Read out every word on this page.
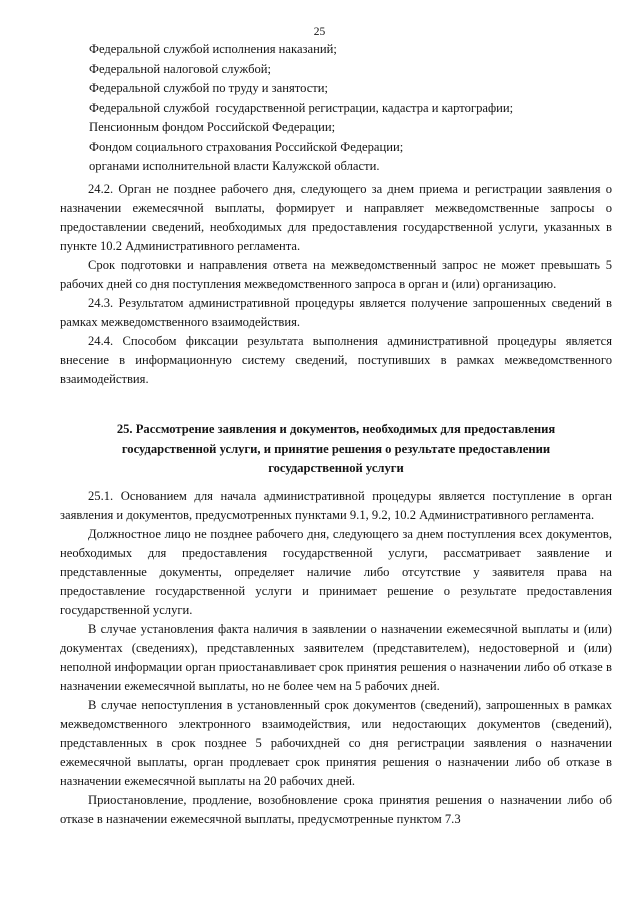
25
Федеральной службой исполнения наказаний;
Федеральной налоговой службой;
Федеральной службой по труду и занятости;
Федеральной службой  государственной регистрации, кадастра и картографии;
Пенсионным фондом Российской Федерации;
Фондом социального страхования Российской Федерации;
органами исполнительной власти Калужской области.

24.2. Орган не позднее рабочего дня, следующего за днем приема и регистрации заявления о назначении ежемесячной выплаты, формирует и направляет межведомственные запросы о предоставлении сведений, необходимых для предоставления государственной услуги, указанных в пункте 10.2 Административного регламента.

Срок подготовки и направления ответа на межведомственный запрос не может превышать 5 рабочих дней со дня поступления межведомственного запроса в орган и (или) организацию.

24.3. Результатом административной процедуры является получение запрошенных сведений в рамках межведомственного взаимодействия.

24.4. Способом фиксации результата выполнения административной процедуры является внесение в информационную систему сведений, поступивших в рамках межведомственного взаимодействия.

25. Рассмотрение заявления и документов, необходимых для предоставления
государственной услуги, и принятие решения о результате предоставлении
государственной услуги

25.1. Основанием для начала административной процедуры является поступление в орган заявления и документов, предусмотренных пунктами 9.1, 9.2, 10.2 Административного регламента.

Должностное лицо не позднее рабочего дня, следующего за днем поступления всех документов, необходимых для предоставления государственной услуги, рассматривает заявление и представленные документы, определяет наличие либо отсутствие у заявителя права на предоставление государственной услуги и принимает решение о результате предоставления государственной услуги.

В случае установления факта наличия в заявлении о назначении ежемесячной выплаты и (или) документах (сведениях), представленных заявителем (представителем), недостоверной и (или) неполной информации орган приостанавливает срок принятия решения о назначении либо об отказе в назначении ежемесячной выплаты, но не более чем на 5 рабочих дней.

В случае непоступления в установленный срок документов (сведений), запрошенных в рамках межведомственного электронного взаимодействия, или недостающих документов (сведений), представленных в срок позднее 5 рабочихдней со дня регистрации заявления о назначении ежемесячной выплаты, орган продлевает срок принятия решения о назначении либо об отказе в назначении ежемесячной выплаты на 20 рабочих дней.

Приостановление, продление, возобновление срока принятия решения о назначении либо об отказе в назначении ежемесячной выплаты, предусмотренные пунктом 7.3
